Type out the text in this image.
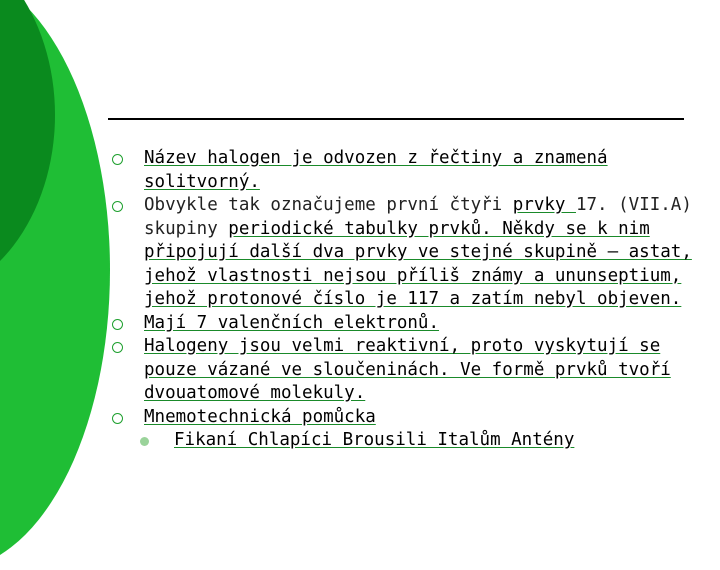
Název halogen je odvozen z řečtiny a znamená solitvorný.

Obvykle tak označujeme první čtyři prvky 17. (VII.A) skupiny periodické tabulky prvků. Někdy se k nim připojují další dva prvky ve stejné skupině – astat, jehož vlastnosti nejsou příliš známy a ununseptium, jehož protonové číslo je 117 a zatím nebyl objeven.

Mají 7 valenčních elektronů.

Halogeny jsou velmi reaktivní, proto vyskytují se pouze vázané ve sloučeninách. Ve formě prvků tvoří dvouatomové molekuly.

Mnemotechnická pomůcka

Fikaní Chlapíci Brousili Italům Antény
